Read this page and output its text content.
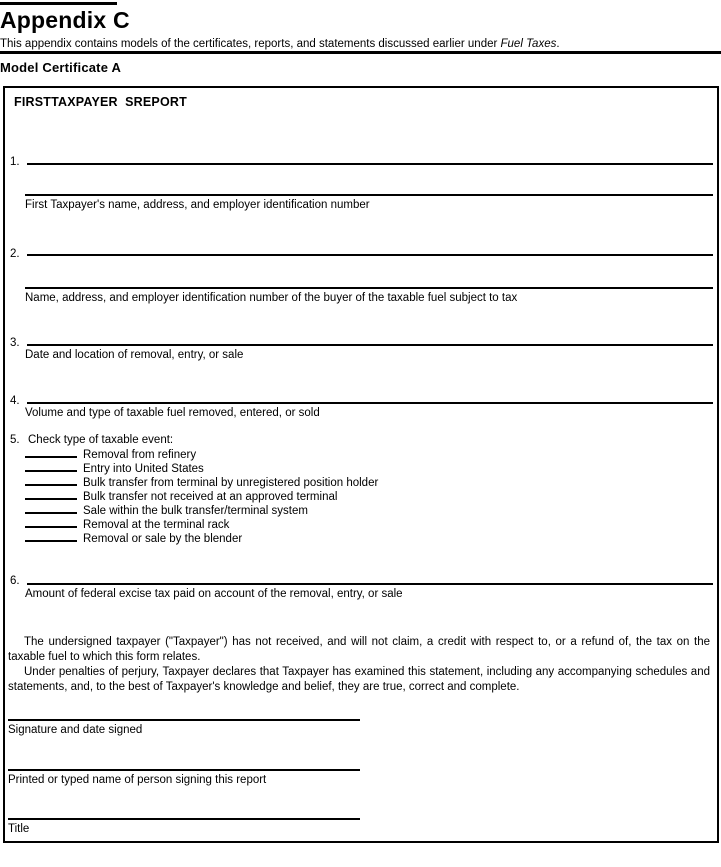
Appendix C

This appendix contains models of the certificates, reports, and statements discussed earlier under Fuel Taxes.

Model Certificate A
FIRSTTAXPAYER  SREPORT
1.
First Taxpayer's name, address, and employer identification number
2.
Name, address, and employer identification number of the buyer of the taxable fuel subject to tax
3.
Date and location of removal, entry, or sale
4.
Volume and type of taxable fuel removed, entered, or sold
5. Check type of taxable event:
Removal from refinery
Entry into United States
Bulk transfer from terminal by unregistered position holder
Bulk transfer not received at an approved terminal
Sale within the bulk transfer/terminal system
Removal at the terminal rack
Removal or sale by the blender
6.
Amount of federal excise tax paid on account of the removal, entry, or sale

The undersigned taxpayer ("Taxpayer") has not received, and will not claim, a credit with respect to, or a refund of, the tax on the taxable fuel to which this form relates.

Under penalties of perjury, Taxpayer declares that Taxpayer has examined this statement, including any accompanying schedules and statements, and, to the best of Taxpayer's knowledge and belief, they are true, correct and complete.

Signature and date signed
Printed or typed name of person signing this report
Title
